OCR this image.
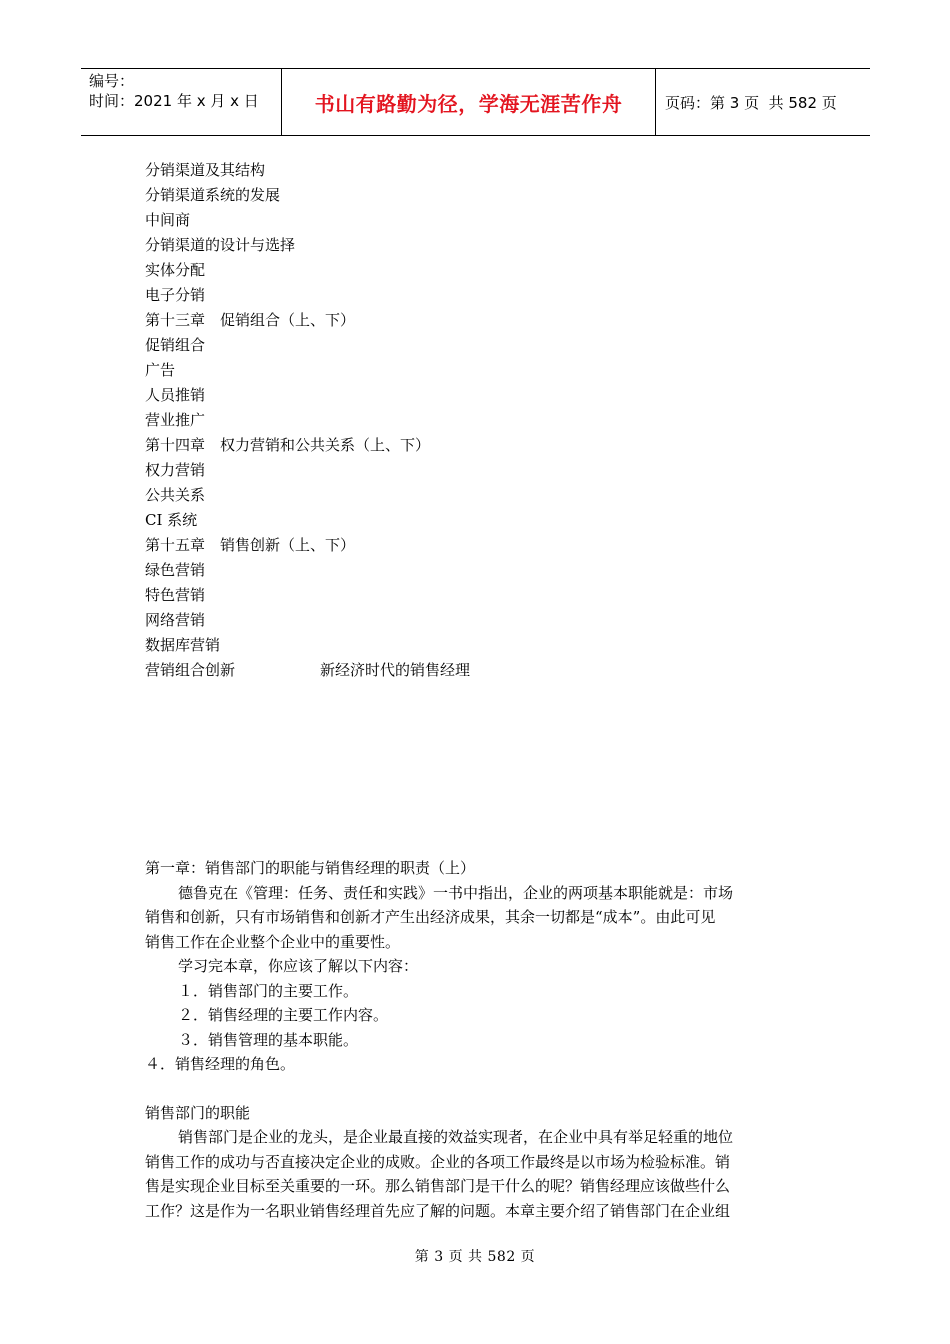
编号：
时间：2021 年 x 月 x 日	书山有路勤为径，学海无涯苦作舟	页码：第 3 页  共 582 页
分销渠道及其结构
分销渠道系统的发展
中间商
分销渠道的设计与选择
实体分配
电子分销
第十三章　促销组合（上、下）
促销组合
广告
人员推销
营业推广
第十四章　权力营销和公共关系（上、下）
权力营销
公共关系
CI 系统
第十五章　销售创新（上、下）
绿色营销
特色营销
网络营销
数据库营销
营销组合创新	新经济时代的销售经理
第一章：销售部门的职能与销售经理的职责（上）
德鲁克在《管理：任务、责任和实践》一书中指出，企业的两项基本职能就是：市场
销售和创新，只有市场销售和创新才产生出经济成果，其余一切都是“成本”。由此可见
销售工作在企业整个企业中的重要性。
学习完本章，你应该了解以下内容：
１．销售部门的主要工作。
２．销售经理的主要工作内容。
３．销售管理的基本职能。
４．销售经理的角色。
销售部门的职能
销售部门是企业的龙头，是企业最直接的效益实现者，在企业中具有举足轻重的地位
销售工作的成功与否直接决定企业的成败。企业的各项工作最终是以市场为检验标准。销
售是实现企业目标至关重要的一环。那么销售部门是干什么的呢？销售经理应该做些什么
工作？这是作为一名职业销售经理首先应了解的问题。本章主要介绍了销售部门在企业组
第 3 页 共 582 页
